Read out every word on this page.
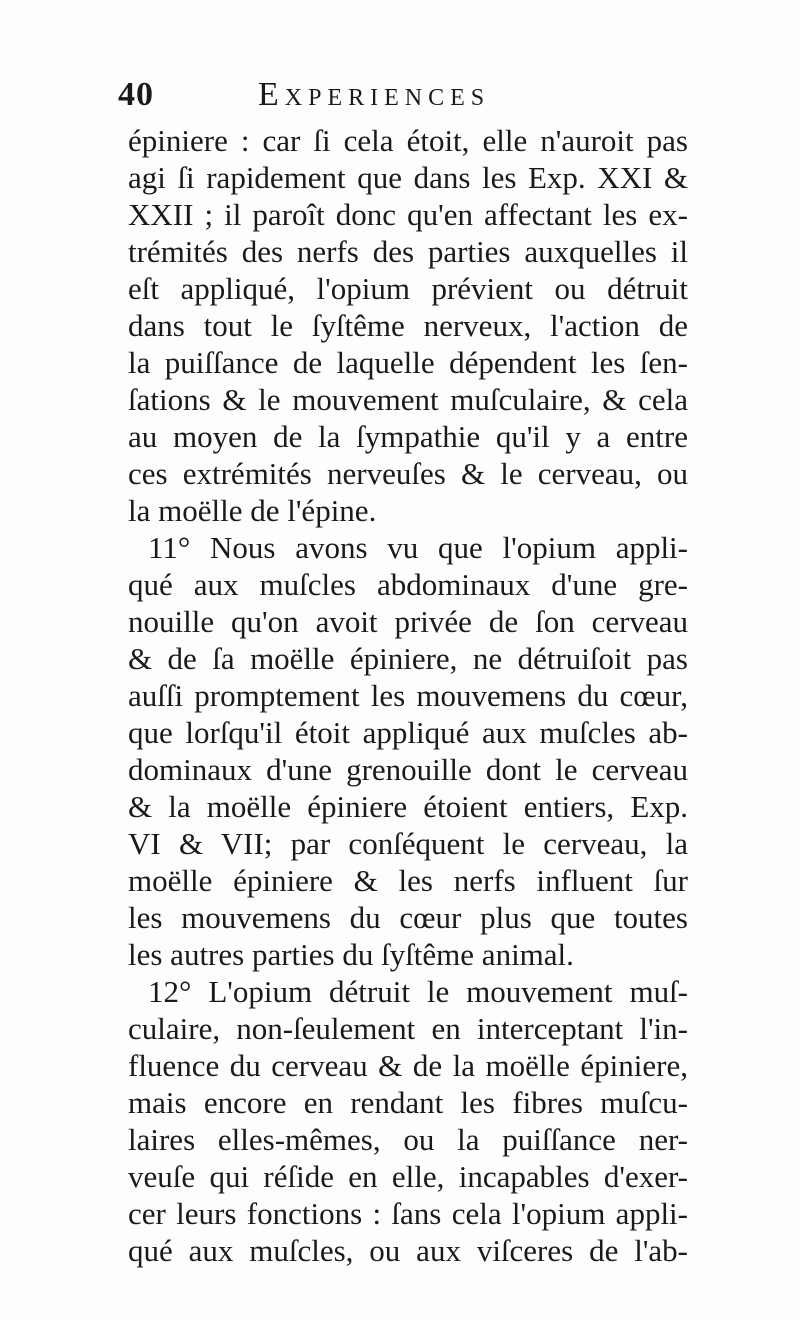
40	Experiences
épiniere : car ſi cela étoit, elle n'auroit pas
agi ſi rapidement que dans les Exp. XXI &
XXII ; il paroît donc qu'en affectant les ex-
trémités des nerfs des parties auxquelles il
eſt appliqué, l'opium prévient ou détruit
dans tout le ſyſtême nerveux, l'action de
la puiſſance de laquelle dépendent les ſen-
ſations & le mouvement muſculaire, & cela
au moyen de la ſympathie qu'il y a entre
ces extrémités nerveuſes & le cerveau, ou
la moëlle de l'épine.
11° Nous avons vu que l'opium appli-
qué aux muſcles abdominaux d'une gre-
nouille qu'on avoit privée de ſon cerveau
& de ſa moëlle épiniere, ne détruiſoit pas
auſſi promptement les mouvemens du cœur,
que lorſqu'il étoit appliqué aux muſcles ab-
dominaux d'une grenouille dont le cerveau
& la moëlle épiniere étoient entiers, Exp.
VI & VII; par conſéquent le cerveau, la
moëlle épiniere & les nerfs influent ſur
les mouvemens du cœur plus que toutes
les autres parties du ſyſtême animal.
12° L'opium détruit le mouvement muſ-
culaire, non-ſeulement en interceptant l'in-
fluence du cerveau & de la moëlle épiniere,
mais encore en rendant les fibres muſcu-
laires elles-mêmes, ou la puiſſance ner-
veuſe qui réſide en elle, incapables d'exer-
cer leurs fonctions : ſans cela l'opium appli-
qué aux muſcles, ou aux viſceres de l'ab-
